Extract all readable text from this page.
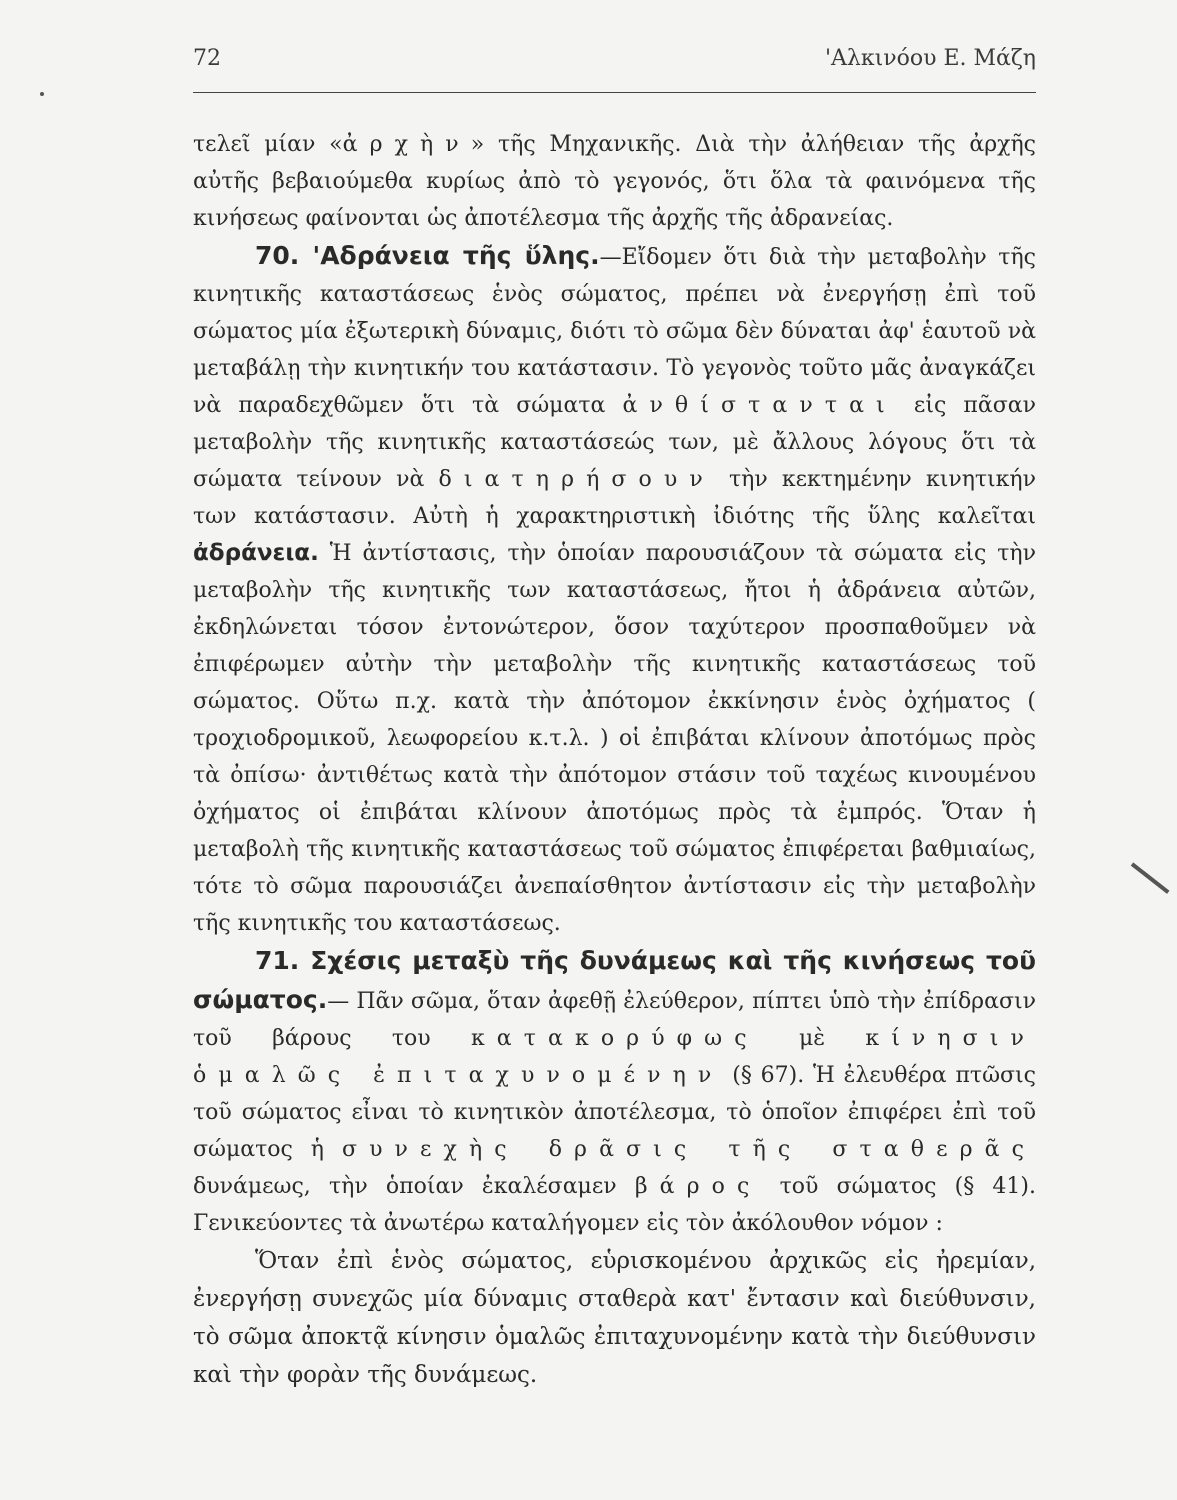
72	'Αλκινόου Ε. Μάζη

τελεῖ μίαν «ἀρχὴν» τῆς Μηχανικῆς. Διὰ τὴν ἀλήθειαν τῆς ἀρχῆς αὐτῆς βεβαιούμεθα κυρίως ἀπὸ τὸ γεγονός, ὅτι ὅλα τὰ φαινόμενα τῆς κινήσεως φαίνονται ὡς ἀποτέλεσμα τῆς ἀρχῆς τῆς ἀδρανείας.

70. 'Αδράνεια τῆς ὕλης.—Εἴδομεν ὅτι διὰ τὴν μεταβολὴν τῆς κινητικῆς καταστάσεως ἑνὸς σώματος, πρέπει νὰ ἐνεργήσῃ ἐπὶ τοῦ σώματος μία ἐξωτερικὴ δύναμις, διότι τὸ σῶμα δὲν δύναται ἀφ' ἑαυτοῦ νὰ μεταβάλῃ τὴν κινητικήν του κατάστασιν. Τὸ γεγονὸς τοῦτο μᾶς ἀναγκάζει νὰ παραδεχθῶμεν ὅτι τὰ σώματα ἀνθίστανται εἰς πᾶσαν μεταβολὴν τῆς κινητικῆς καταστάσεώς των, μὲ ἄλλους λόγους ὅτι τὰ σώματα τείνουν νὰ διατηρήσουν τὴν κεκτημένην κινητικήν των κατάστασιν. Αὐτὴ ἡ χαρακτηριστικὴ ἰδιότης τῆς ὕλης καλεῖται ἀδράνεια. Ἡ ἀντίστασις, τὴν ὁποίαν παρουσιάζουν τὰ σώματα εἰς τὴν μεταβολὴν τῆς κινητικῆς των καταστάσεως, ἤτοι ἡ ἀδράνεια αὐτῶν, ἐκδηλώνεται τόσον ἐντονώτερον, ὅσον ταχύτερον προσπαθοῦμεν νὰ ἐπιφέρωμεν αὐτὴν τὴν μεταβολὴν τῆς κινητικῆς καταστάσεως τοῦ σώματος. Οὕτω π.χ. κατὰ τὴν ἀπότομον ἐκκίνησιν ἑνὸς ὀχήματος ( τροχιοδρομικοῦ, λεωφορείου κ.τ.λ. ) οἱ ἐπιβάται κλίνουν ἀποτόμως πρὸς τὰ ὀπίσω· ἀντιθέτως κατὰ τὴν ἀπότομον στάσιν τοῦ ταχέως κινουμένου ὀχήματος οἱ ἐπιβάται κλίνουν ἀποτόμως πρὸς τὰ ἐμπρός. Ὅταν ἡ μεταβολὴ τῆς κινητικῆς καταστάσεως τοῦ σώματος ἐπιφέρεται βαθμιαίως, τότε τὸ σῶμα παρουσιάζει ἀνεπαίσθητον ἀντίστασιν εἰς τὴν μεταβολὴν τῆς κινητικῆς του καταστάσεως.

71. Σχέσις μεταξὺ τῆς δυνάμεως καὶ τῆς κινήσεως τοῦ σώματος.— Πᾶν σῶμα, ὅταν ἀφεθῇ ἐλεύθερον, πίπτει ὑπὸ τὴν ἐπίδρασιν τοῦ βάρους του κατακορύφως μὲ κίνησιν ὁμαλῶς ἐπιταχυνομένην (§ 67). Ἡ ἐλευθέρα πτῶσις τοῦ σώματος εἶναι τὸ κινητικὸν ἀποτέλεσμα, τὸ ὁποῖον ἐπιφέρει ἐπὶ τοῦ σώματος ἡ συνεχὴς δρᾶσις τῆς σταθερᾶς δυνάμεως, τὴν ὁποίαν ἐκαλέσαμεν βάρος τοῦ σώματος (§ 41). Γενικεύοντες τὰ ἀνωτέρω καταλήγομεν εἰς τὸν ἀκόλουθον νόμον :

Ὅταν ἐπὶ ἑνὸς σώματος, εὑρισκομένου ἀρχικῶς εἰς ἠρεμίαν, ἐνεργήσῃ συνεχῶς μία δύναμις σταθερὰ κατ' ἔντασιν καὶ διεύθυνσιν, τὸ σῶμα ἀποκτᾷ κίνησιν ὁμαλῶς ἐπιταχυνομένην κατὰ τὴν διεύθυνσιν καὶ τὴν φορὰν τῆς δυνάμεως.
